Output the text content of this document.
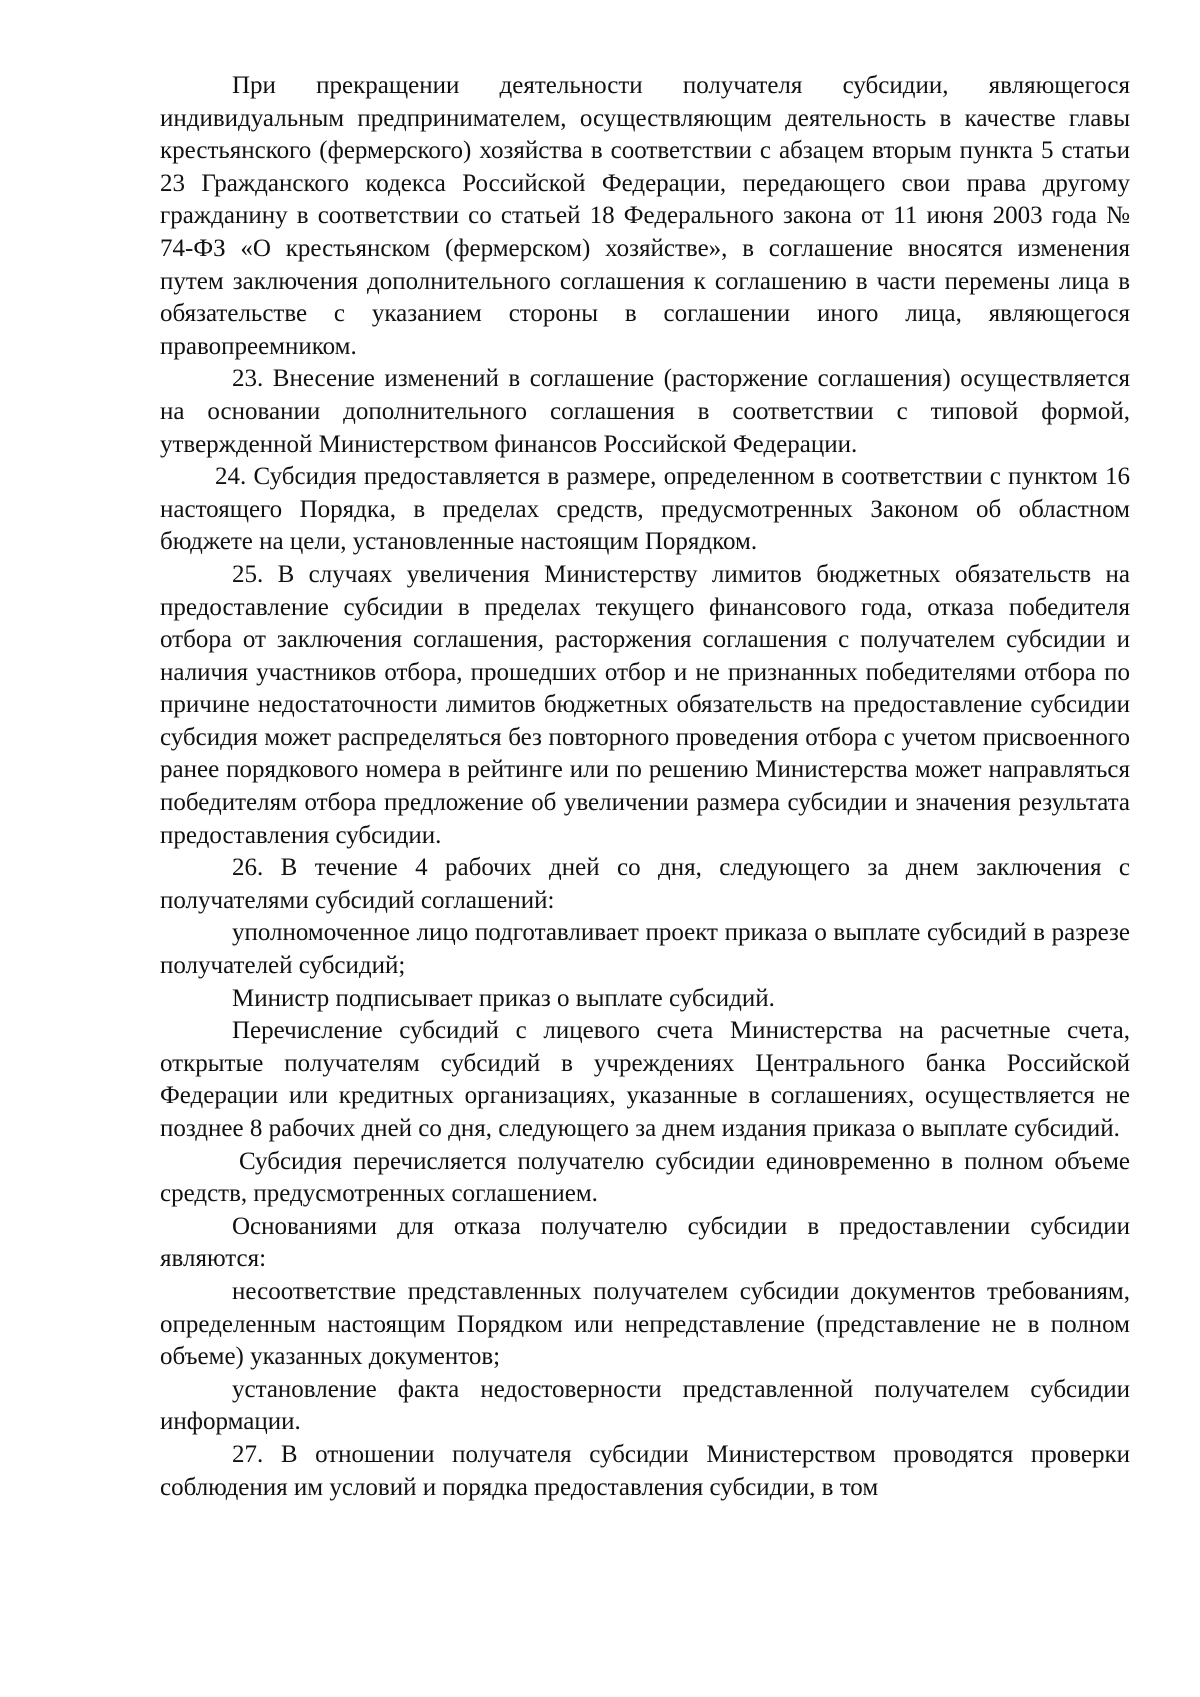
При прекращении деятельности получателя субсидии, являющегося индивидуальным предпринимателем, осуществляющим деятельность в качестве главы крестьянского (фермерского) хозяйства в соответствии с абзацем вторым пункта 5 статьи 23 Гражданского кодекса Российской Федерации, передающего свои права другому гражданину в соответствии со статьей 18 Федерального закона от 11 июня 2003 года № 74-ФЗ «О крестьянском (фермерском) хозяйстве», в соглашение вносятся изменения путем заключения дополнительного соглашения к соглашению в части перемены лица в обязательстве с указанием стороны в соглашении иного лица, являющегося правопреемником.

23. Внесение изменений в соглашение (расторжение соглашения) осуществляется на основании дополнительного соглашения в соответствии с типовой формой, утвержденной Министерством финансов Российской Федерации.

24. Субсидия предоставляется в размере, определенном в соответствии с пунктом 16 настоящего Порядка, в пределах средств, предусмотренных Законом об областном бюджете на цели, установленные настоящим Порядком.

25. В случаях увеличения Министерству лимитов бюджетных обязательств на предоставление субсидии в пределах текущего финансового года, отказа победителя отбора от заключения соглашения, расторжения соглашения с получателем субсидии и наличия участников отбора, прошедших отбор и не признанных победителями отбора по причине недостаточности лимитов бюджетных обязательств на предоставление субсидии субсидия может распределяться без повторного проведения отбора с учетом присвоенного ранее порядкового номера в рейтинге или по решению Министерства может направляться победителям отбора предложение об увеличении размера субсидии и значения результата предоставления субсидии.

26. В течение 4 рабочих дней со дня, следующего за днем заключения с получателями субсидий соглашений:

уполномоченное лицо подготавливает проект приказа о выплате субсидий в разрезе получателей субсидий;

Министр подписывает приказ о выплате субсидий.

Перечисление субсидий с лицевого счета Министерства на расчетные счета, открытые получателям субсидий в учреждениях Центрального банка Российской Федерации или кредитных организациях, указанные в соглашениях, осуществляется не позднее 8 рабочих дней со дня, следующего за днем издания приказа о выплате субсидий.

Субсидия перечисляется получателю субсидии единовременно в полном объеме средств, предусмотренных соглашением.

Основаниями для отказа получателю субсидии в предоставлении субсидии являются:

несоответствие представленных получателем субсидии документов требованиям, определенным настоящим Порядком или непредставление (представление не в полном объеме) указанных документов;

установление факта недостоверности представленной получателем субсидии информации.

27. В отношении получателя субсидии Министерством проводятся проверки соблюдения им условий и порядка предоставления субсидии, в том
